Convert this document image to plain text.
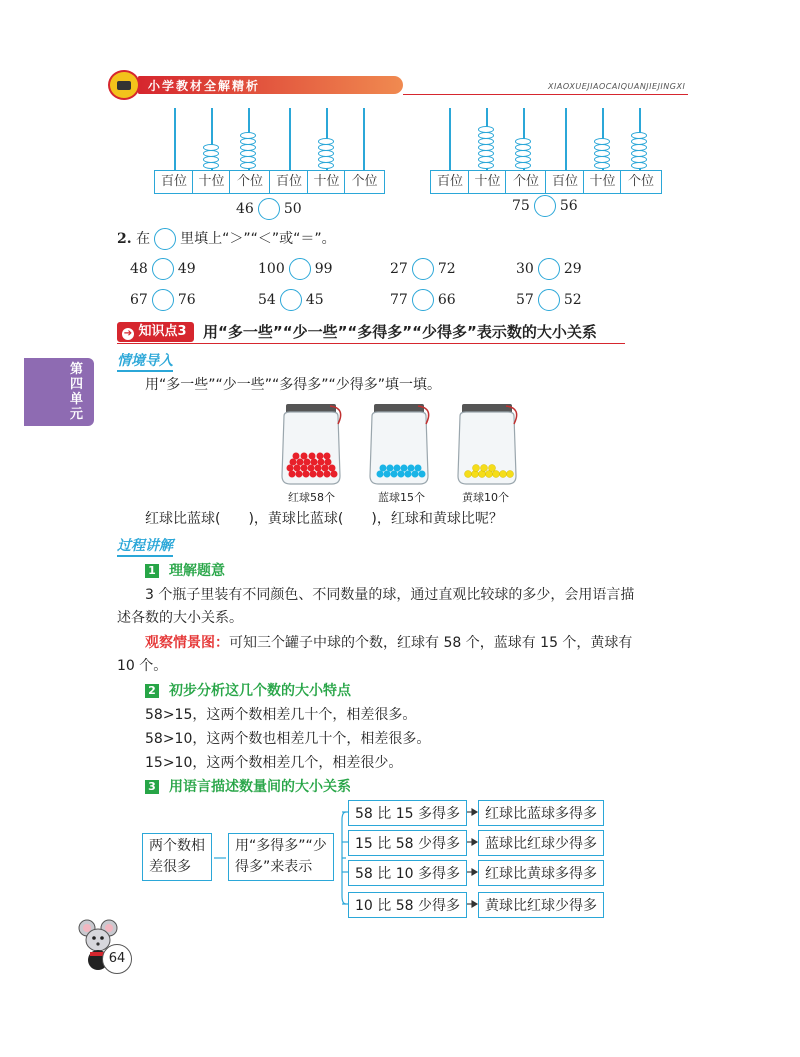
小学教材全解精析	XIAOXUEJIAOCAIQUANJIEJINGXI
第四单元
百位 十位 个位 百位 十位 个位
46 50
百位 十位 个位 百位 十位 个位
75 56
2. 在 里填上“＞”“＜”或“＝”。
48 49	100 99	27 72	30 29
67 76	54 45	77 66	57 52
➔ 知识点3	用“多一些”“少一些”“多得多”“少得多”表示数的大小关系
情境导入
用“多一些”“少一些”“多得多”“少得多”填一填。
红球58个	蓝球15个	黄球10个
红球比蓝球(　　)，黄球比蓝球(　　)，红球和黄球比呢？
过程讲解
1 理解题意
3 个瓶子里装有不同颜色、不同数量的球，通过直观比较球的多少，会用语言描
述各数的大小关系。
观察情景图：可知三个罐子中球的个数，红球有 58 个，蓝球有 15 个，黄球有
10 个。
2 初步分析这几个数的大小特点
58>15，这两个数相差几十个，相差很多。
58>10，这两个数也相差几十个，相差很多。
15>10，这两个数相差几个，相差很少。
3 用语言描述数量间的大小关系
两个数相
差很多
用“多得多”“少
得多”来表示
58 比 15 多得多	红球比蓝球多得多
15 比 58 少得多	蓝球比红球少得多
58 比 10 多得多	红球比黄球多得多
10 比 58 少得多	黄球比红球少得多
64
